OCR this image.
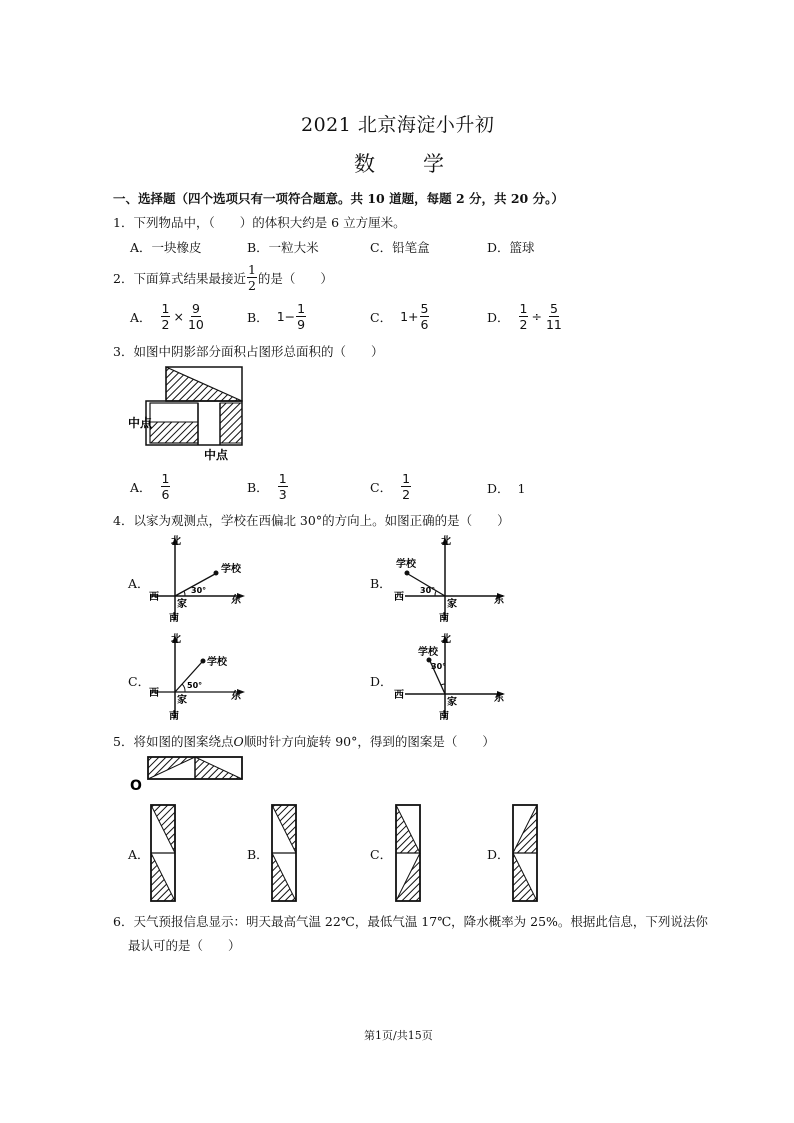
2021 北京海淀小升初
数　　学
一、选择题（四个选项只有一项符合题意。共 10 道题，每题 2 分，共 20 分。）
1．下列物品中，（　　）的体积大约是 6 立方厘米。
A．一块橡皮	B．一粒大米	C．铅笔盒	D．篮球
2．下面算式结果最接近 $\frac{1}{2}$ 的是（　　）
A． $\frac{1}{2} \times \frac{9}{10}$	B． $1- \frac{1}{9}$	C． $1+ \frac{5}{6}$	D． $\frac{1}{2} \div \frac{5}{11}$
3．如图中阴影部分面积占图形总面积的（　　）
中点
中点
A． $\frac{1}{6}$	B． $\frac{1}{3}$	C． $\frac{1}{2}$	D． 1
4．以家为观测点，学校在西偏北 30°的方向上。如图正确的是（　　）
A．	B．
C．	D．
北
学校
30°
西
家	东
南
北
学校
30°
西
家	东
南
北
学校
50°
西
家	东
南
北
学校
30°
西
家	东
南
5．将如图的图案绕点 O 顺时针方向旋转 90°，得到的图案是（　　）
O
A．	B．	C．	D．
6．天气预报信息显示：明天最高气温 22℃，最低气温 17℃，降水概率为 25%。根据此信息，下列说法你
最认可的是（　　）
第1页/共15页
